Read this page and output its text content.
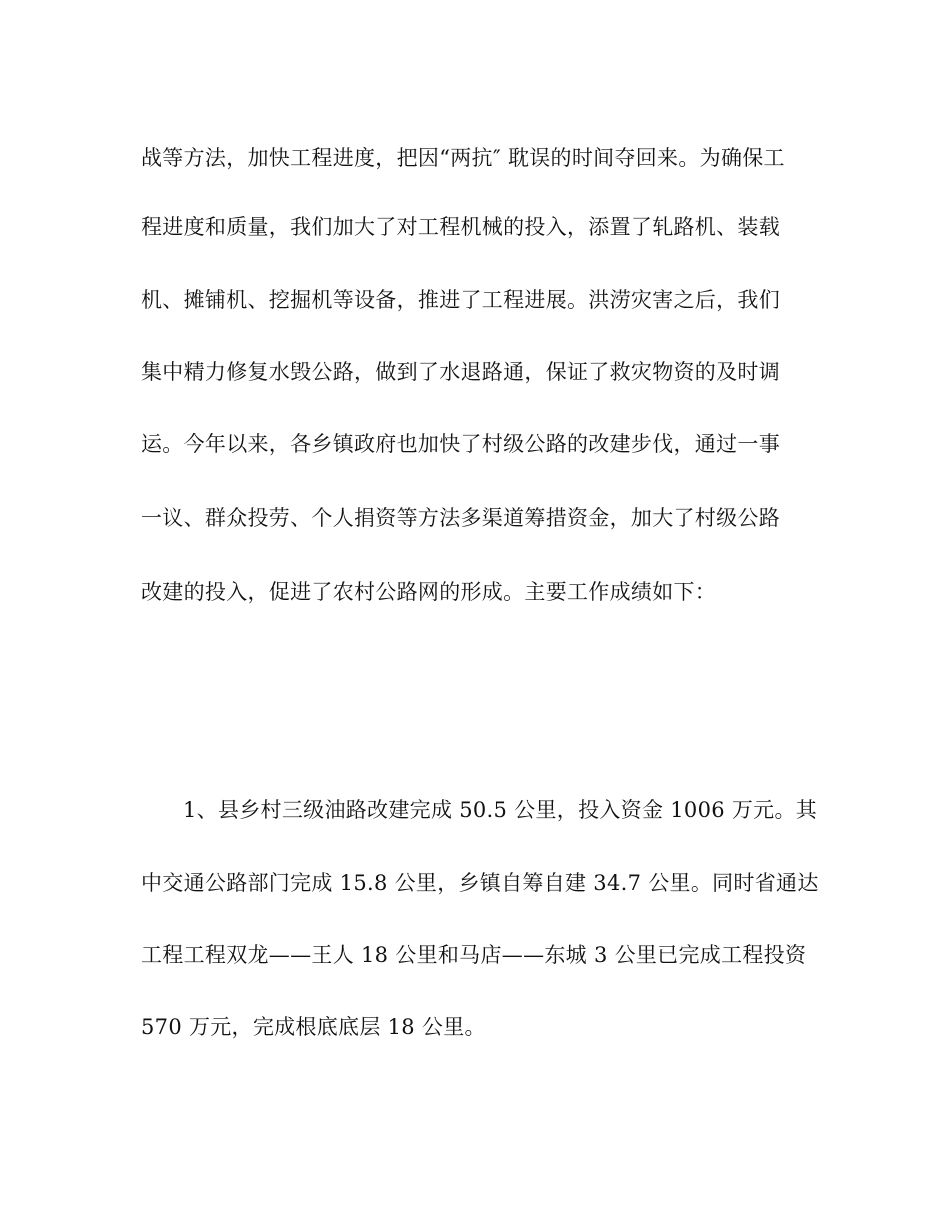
战等方法，加快工程进度，把因“两抗″ 耽误的时间夺回来。为确保工
程进度和质量，我们加大了对工程机械的投入，添置了轧路机、装载
机、摊铺机、挖掘机等设备，推进了工程进展。洪涝灾害之后，我们
集中精力修复水毁公路，做到了水退路通，保证了救灾物资的及时调
运。今年以来，各乡镇政府也加快了村级公路的改建步伐，通过一事
一议、群众投劳、个人捐资等方法多渠道筹措资金，加大了村级公路
改建的投入，促进了农村公路网的形成。主要工作成绩如下：
1、县乡村三级油路改建完成 50.5 公里，投入资金 1006 万元。其
中交通公路部门完成 15.8 公里，乡镇自筹自建 34.7 公里。同时省通达
工程工程双龙——王人 18 公里和马店——东城 3 公里已完成工程投资
570 万元，完成根底底层 18 公里。
